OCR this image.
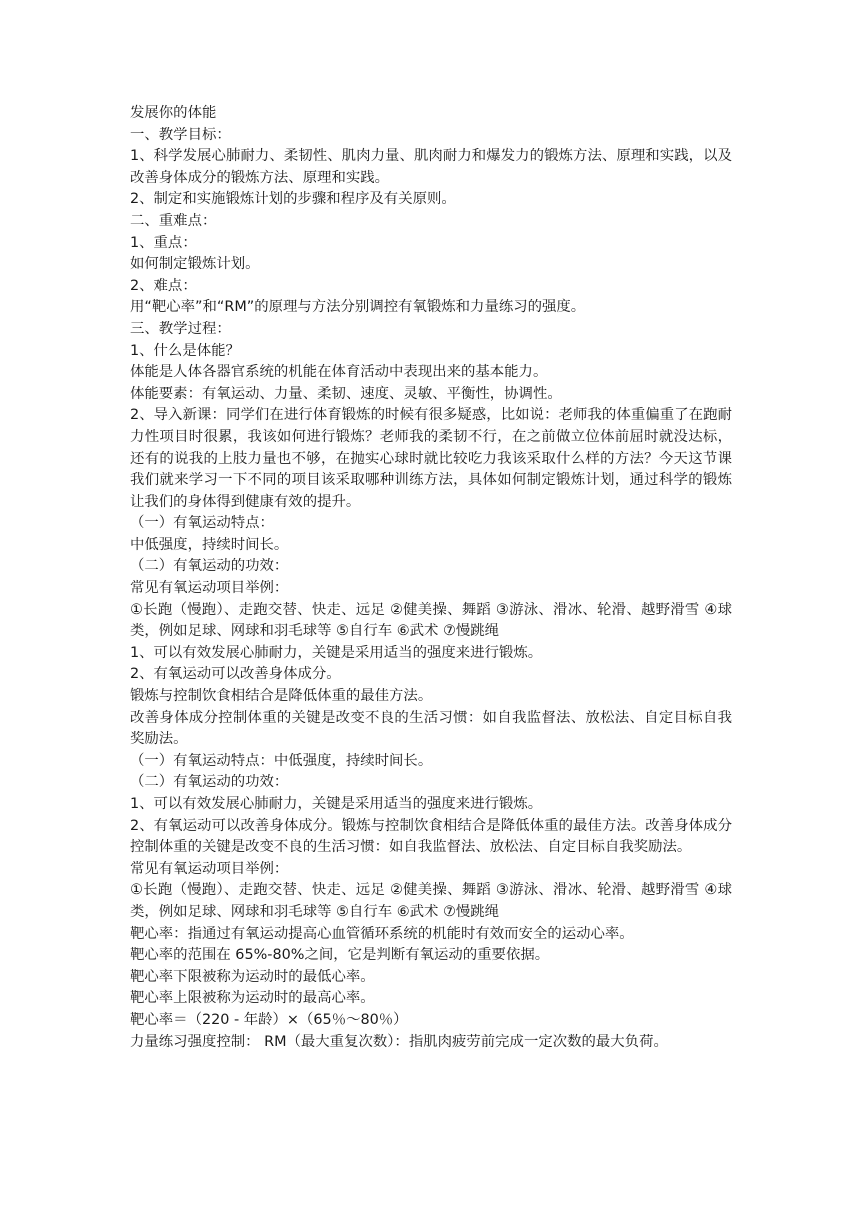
发展你的体能

一、教学目标：

1、科学发展心肺耐力、柔韧性、肌肉力量、肌肉耐力和爆发力的锻炼方法、原理和实践，以及改善身体成分的锻炼方法、原理和实践。

2、制定和实施锻炼计划的步骤和程序及有关原则。

二、重难点：

1、重点：

如何制定锻炼计划。

2、难点：

用“靶心率”和“RM”的原理与方法分别调控有氧锻炼和力量练习的强度。

三、教学过程：

1、什么是体能？

体能是人体各器官系统的机能在体育活动中表现出来的基本能力。

体能要素：有氧运动、力量、柔韧、速度、灵敏、平衡性，协调性。

2、导入新课：同学们在进行体育锻炼的时候有很多疑惑，比如说：老师我的体重偏重了在跑耐力性项目时很累，我该如何进行锻炼？老师我的柔韧不行，在之前做立位体前屈时就没达标，还有的说我的上肢力量也不够，在抛实心球时就比较吃力我该采取什么样的方法？今天这节课我们就来学习一下不同的项目该采取哪种训练方法，具体如何制定锻炼计划，通过科学的锻炼让我们的身体得到健康有效的提升。

（一）有氧运动特点：

中低强度，持续时间长。

（二）有氧运动的功效：

常见有氧运动项目举例：

①长跑（慢跑）、走跑交替、快走、远足 ②健美操、舞蹈 ③游泳、滑冰、轮滑、越野滑雪 ④球类，例如足球、网球和羽毛球等 ⑤自行车 ⑥武术 ⑦慢跳绳

1、可以有效发展心肺耐力，关键是采用适当的强度来进行锻炼。

2、有氧运动可以改善身体成分。

锻炼与控制饮食相结合是降低体重的最佳方法。

改善身体成分控制体重的关键是改变不良的生活习惯：如自我监督法、放松法、自定目标自我奖励法。

（一）有氧运动特点：中低强度，持续时间长。

（二）有氧运动的功效：

1、可以有效发展心肺耐力，关键是采用适当的强度来进行锻炼。

2、有氧运动可以改善身体成分。锻炼与控制饮食相结合是降低体重的最佳方法。改善身体成分控制体重的关键是改变不良的生活习惯：如自我监督法、放松法、自定目标自我奖励法。

常见有氧运动项目举例：

①长跑（慢跑）、走跑交替、快走、远足 ②健美操、舞蹈 ③游泳、滑冰、轮滑、越野滑雪 ④球类，例如足球、网球和羽毛球等 ⑤自行车 ⑥武术 ⑦慢跳绳

靶心率：指通过有氧运动提高心血管循环系统的机能时有效而安全的运动心率。

靶心率的范围在 65%-80%之间，它是判断有氧运动的重要依据。

靶心率下限被称为运动时的最低心率。

靶心率上限被称为运动时的最高心率。

靶心率＝（220 - 年龄）×（65％～80％）

力量练习强度控制： RM（最大重复次数）：指肌肉疲劳前完成一定次数的最大负荷。
